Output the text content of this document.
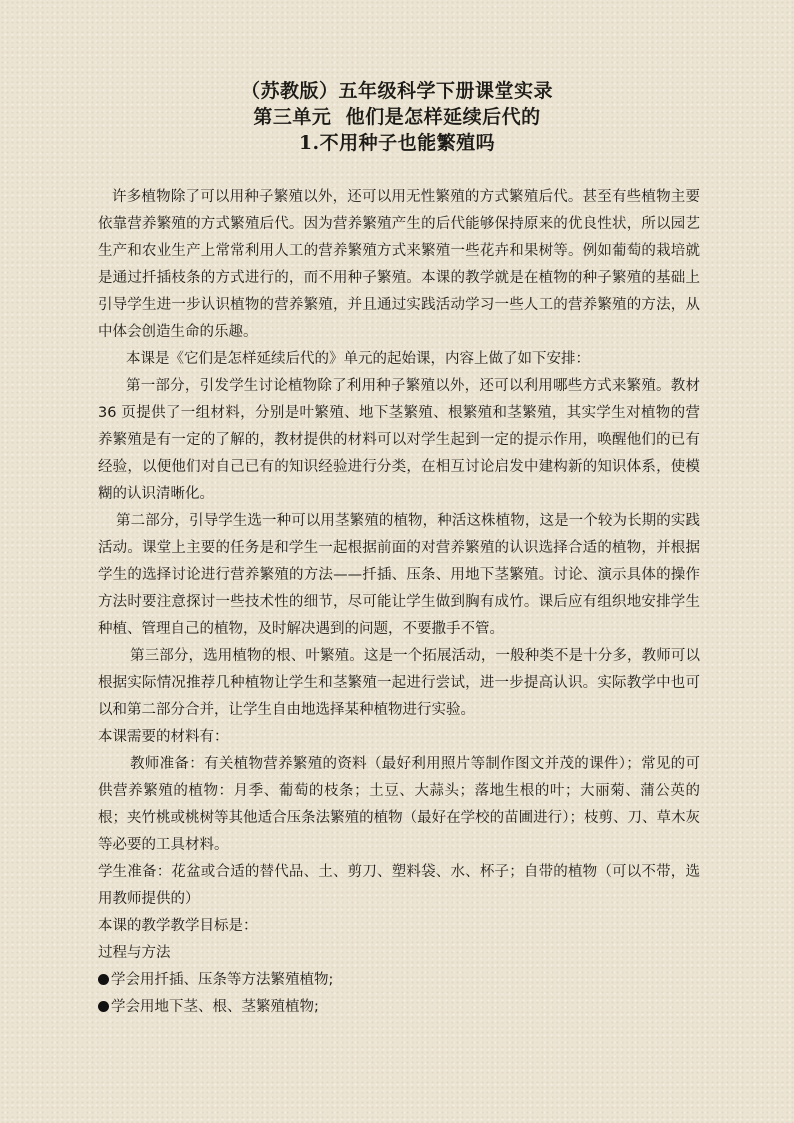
（苏教版）五年级科学下册课堂实录
第三单元  他们是怎样延续后代的
1.不用种子也能繁殖吗

许多植物除了可以用种子繁殖以外，还可以用无性繁殖的方式繁殖后代。甚至有些植物主要依靠营养繁殖的方式繁殖后代。因为营养繁殖产生的后代能够保持原来的优良性状，所以园艺生产和农业生产上常常利用人工的营养繁殖方式来繁殖一些花卉和果树等。例如葡萄的栽培就是通过扦插枝条的方式进行的，而不用种子繁殖。本课的教学就是在植物的种子繁殖的基础上引导学生进一步认识植物的营养繁殖，并且通过实践活动学习一些人工的营养繁殖的方法，从中体会创造生命的乐趣。

本课是《它们是怎样延续后代的》单元的起始课，内容上做了如下安排：

第一部分，引发学生讨论植物除了利用种子繁殖以外，还可以利用哪些方式来繁殖。教材 36 页提供了一组材料，分别是叶繁殖、地下茎繁殖、根繁殖和茎繁殖，其实学生对植物的营养繁殖是有一定的了解的，教材提供的材料可以对学生起到一定的提示作用，唤醒他们的已有经验，以便他们对自己已有的知识经验进行分类，在相互讨论启发中建构新的知识体系，使模糊的认识清晰化。

第二部分，引导学生选一种可以用茎繁殖的植物，种活这株植物，这是一个较为长期的实践活动。课堂上主要的任务是和学生一起根据前面的对营养繁殖的认识选择合适的植物，并根据学生的选择讨论进行营养繁殖的方法——扦插、压条、用地下茎繁殖。讨论、演示具体的操作方法时要注意探讨一些技术性的细节，尽可能让学生做到胸有成竹。课后应有组织地安排学生种植、管理自己的植物，及时解决遇到的问题，不要撒手不管。

第三部分，选用植物的根、叶繁殖。这是一个拓展活动，一般种类不是十分多，教师可以根据实际情况推荐几种植物让学生和茎繁殖一起进行尝试，进一步提高认识。实际教学中也可以和第二部分合并，让学生自由地选择某种植物进行实验。

本课需要的材料有：

教师准备：有关植物营养繁殖的资料（最好利用照片等制作图文并茂的课件）；常见的可供营养繁殖的植物：月季、葡萄的枝条；土豆、大蒜头；落地生根的叶；大丽菊、蒲公英的根；夹竹桃或桃树等其他适合压条法繁殖的植物（最好在学校的苗圃进行）；枝剪、刀、草木灰等必要的工具材料。

学生准备：花盆或合适的替代品、土、剪刀、塑料袋、水、杯子；自带的植物（可以不带，选用教师提供的）

本课的教学教学目标是：

过程与方法

学会用扦插、压条等方法繁殖植物;
学会用地下茎、根、茎繁殖植物;
